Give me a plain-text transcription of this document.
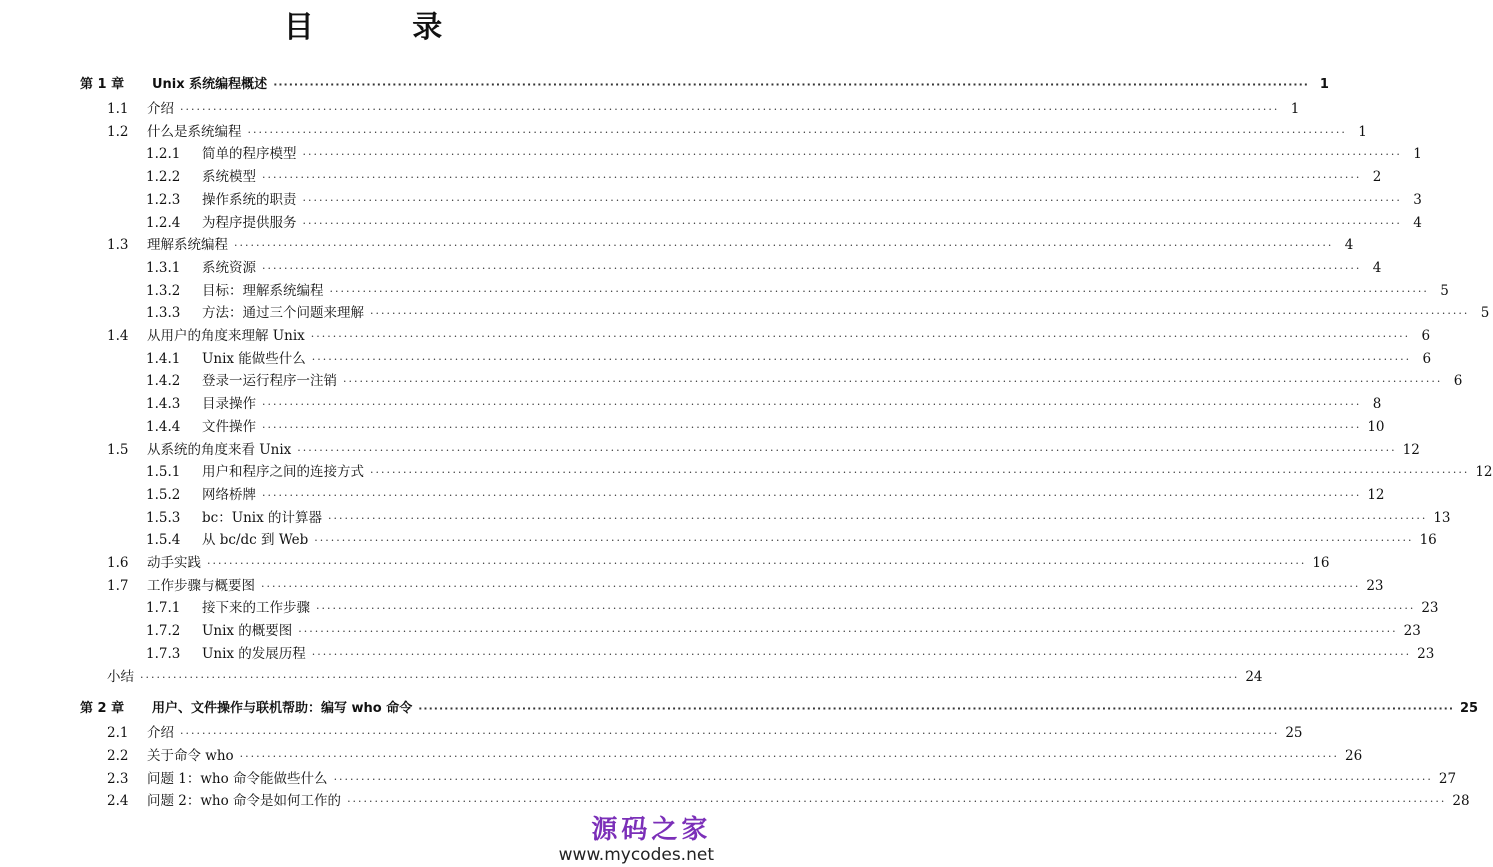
目 录
第 1 章	Unix 系统编程概述 ········································································································································································································ 1
1.1	介绍 ········································································································································································································ 1
1.2	什么是系统编程 ········································································································································································································ 1
1.2.1	简单的程序模型 ········································································································································································································ 1
1.2.2	系统模型 ········································································································································································································ 2
1.2.3	操作系统的职责 ········································································································································································································ 3
1.2.4	为程序提供服务 ········································································································································································································ 4
1.3	理解系统编程 ········································································································································································································ 4
1.3.1	系统资源 ········································································································································································································ 4
1.3.2	目标：理解系统编程 ········································································································································································································ 5
1.3.3	方法：通过三个问题来理解 ········································································································································································································ 5
1.4	从用户的角度来理解 Unix ········································································································································································································ 6
1.4.1	Unix 能做些什么 ········································································································································································································ 6
1.4.2	登录一运行程序一注销 ········································································································································································································ 6
1.4.3	目录操作 ········································································································································································································ 8
1.4.4	文件操作 ········································································································································································································ 10
1.5	从系统的角度来看 Unix ········································································································································································································ 12
1.5.1	用户和程序之间的连接方式 ········································································································································································································ 12
1.5.2	网络桥牌 ········································································································································································································ 12
1.5.3	bc：Unix 的计算器 ········································································································································································································ 13
1.5.4	从 bc/dc 到 Web ········································································································································································································ 16
1.6	动手实践 ········································································································································································································ 16
1.7	工作步骤与概要图 ········································································································································································································ 23
1.7.1	接下来的工作步骤 ········································································································································································································ 23
1.7.2	Unix 的概要图 ········································································································································································································ 23
1.7.3	Unix 的发展历程 ········································································································································································································ 23
小结 ········································································································································································································ 24
第 2 章	用户、文件操作与联机帮助：编写 who 命令 ········································································································································································································ 25
2.1	介绍 ········································································································································································································ 25
2.2	关于命令 who ········································································································································································································ 26
2.3	问题 1：who 命令能做些什么 ········································································································································································································ 27
2.4	问题 2：who 命令是如何工作的 ········································································································································································································ 28
源码之家
www.mycodes.net
